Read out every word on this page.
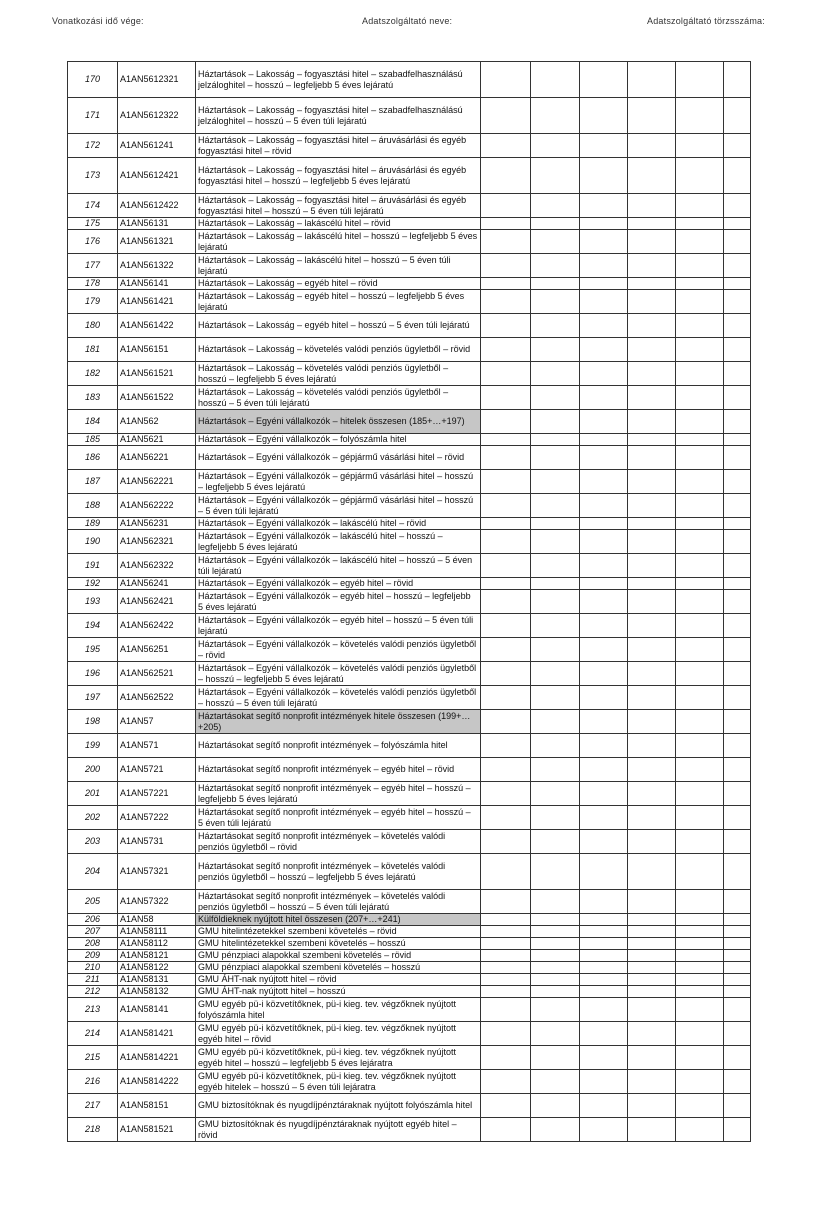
Vonatkozási idő vége:	Adatszolgáltató neve:	Adatszolgáltató törzsszáma:
170	A1AN5612321	Háztartások – Lakosság – fogyasztási hitel – szabadfelhasználású jelzáloghitel – hosszú – legfeljebb 5 éves lejáratú						
171	A1AN5612322	Háztartások – Lakosság – fogyasztási hitel – szabadfelhasználású jelzáloghitel – hosszú – 5 éven túli lejáratú						
172	A1AN561241	Háztartások – Lakosság – fogyasztási hitel – áruvásárlási és egyéb fogyasztási hitel – rövid						
173	A1AN5612421	Háztartások – Lakosság – fogyasztási hitel – áruvásárlási és egyéb fogyasztási hitel – hosszú – legfeljebb 5 éves lejáratú						
174	A1AN5612422	Háztartások – Lakosság – fogyasztási hitel – áruvásárlási és egyéb fogyasztási hitel – hosszú – 5 éven túli lejáratú						
175	A1AN56131	Háztartások – Lakosság – lakáscélú hitel – rövid						
176	A1AN561321	Háztartások – Lakosság – lakáscélú hitel – hosszú – legfeljebb 5 éves lejáratú						
177	A1AN561322	Háztartások – Lakosság – lakáscélú hitel – hosszú – 5 éven túli lejáratú						
178	A1AN56141	Háztartások – Lakosság – egyéb hitel – rövid						
179	A1AN561421	Háztartások – Lakosság – egyéb hitel – hosszú – legfeljebb 5 éves lejáratú						
180	A1AN561422	Háztartások – Lakosság – egyéb hitel – hosszú – 5 éven túli lejáratú						
181	A1AN56151	Háztartások – Lakosság – követelés valódi penziós ügyletből – rövid						
182	A1AN561521	Háztartások – Lakosság – követelés valódi penziós ügyletből – hosszú – legfeljebb 5 éves lejáratú						
183	A1AN561522	Háztartások – Lakosság – követelés valódi penziós ügyletből – hosszú – 5 éven túli lejáratú						
184	A1AN562	Háztartások – Egyéni vállalkozók – hitelek összesen (185+…+197)						
185	A1AN5621	Háztartások – Egyéni vállalkozók – folyószámla hitel						
186	A1AN56221	Háztartások – Egyéni vállalkozók – gépjármű vásárlási hitel – rövid						
187	A1AN562221	Háztartások – Egyéni vállalkozók – gépjármű vásárlási hitel – hosszú – legfeljebb 5 éves lejáratú						
188	A1AN562222	Háztartások – Egyéni vállalkozók – gépjármű vásárlási hitel – hosszú – 5 éven túli lejáratú						
189	A1AN56231	Háztartások – Egyéni vállalkozók – lakáscélú hitel – rövid						
190	A1AN562321	Háztartások – Egyéni vállalkozók – lakáscélú hitel – hosszú – legfeljebb 5 éves lejáratú						
191	A1AN562322	Háztartások – Egyéni vállalkozók – lakáscélú hitel – hosszú – 5 éven túli lejáratú						
192	A1AN56241	Háztartások – Egyéni vállalkozók – egyéb hitel – rövid						
193	A1AN562421	Háztartások – Egyéni vállalkozók – egyéb hitel – hosszú – legfeljebb 5 éves lejáratú						
194	A1AN562422	Háztartások – Egyéni vállalkozók – egyéb hitel – hosszú – 5 éven túli lejáratú						
195	A1AN56251	Háztartások – Egyéni vállalkozók – követelés valódi penziós ügyletből – rövid						
196	A1AN562521	Háztartások – Egyéni vállalkozók – követelés valódi penziós ügyletből – hosszú – legfeljebb 5 éves lejáratú						
197	A1AN562522	Háztartások – Egyéni vállalkozók – követelés valódi penziós ügyletből – hosszú – 5 éven túli lejáratú						
198	A1AN57	Háztartásokat segítő nonprofit intézmények hitele összesen (199+…+205)						
199	A1AN571	Háztartásokat segítő nonprofit intézmények – folyószámla hitel						
200	A1AN5721	Háztartásokat segítő nonprofit intézmények – egyéb hitel – rövid						
201	A1AN57221	Háztartásokat segítő nonprofit intézmények – egyéb hitel – hosszú – legfeljebb 5 éves lejáratú						
202	A1AN57222	Háztartásokat segítő nonprofit intézmények – egyéb hitel – hosszú – 5 éven túli lejáratú						
203	A1AN5731	Háztartásokat segítő nonprofit intézmények – követelés valódi penziós ügyletből – rövid						
204	A1AN57321	Háztartásokat segítő nonprofit intézmények – követelés valódi penziós ügyletből – hosszú – legfeljebb 5 éves lejáratú						
205	A1AN57322	Háztartásokat segítő nonprofit intézmények – követelés valódi penziós ügyletből – hosszú – 5 éven túli lejáratú						
206	A1AN58	Külföldieknek nyújtott hitel összesen (207+…+241)						
207	A1AN58111	GMU hitelintézetekkel szembeni követelés – rövid						
208	A1AN58112	GMU hitelintézetekkel szembeni követelés – hosszú						
209	A1AN58121	GMU pénzpiaci alapokkal szembeni követelés – rövid						
210	A1AN58122	GMU pénzpiaci alapokkal szembeni követelés – hosszú						
211	A1AN58131	GMU ÁHT-nak nyújtott hitel – rövid						
212	A1AN58132	GMU ÁHT-nak nyújtott hitel – hosszú						
213	A1AN58141	GMU egyéb pü-i közvetítőknek, pü-i kieg. tev. végzőknek nyújtott folyószámla hitel						
214	A1AN581421	GMU egyéb pü-i közvetítőknek, pü-i kieg. tev. végzőknek nyújtott egyéb hitel – rövid						
215	A1AN5814221	GMU egyéb pü-i közvetítőknek, pü-i kieg. tev. végzőknek nyújtott egyéb hitel – hosszú – legfeljebb 5 éves lejáratra						
216	A1AN5814222	GMU egyéb pü-i közvetítőknek, pü-i kieg. tev. végzőknek nyújtott egyéb hitelek – hosszú – 5 éven túli lejáratra						
217	A1AN58151	GMU biztosítóknak és nyugdíjpénztáraknak nyújtott folyószámla hitel						
218	A1AN581521	GMU biztosítóknak és nyugdíjpénztáraknak nyújtott egyéb hitel – rövid						
